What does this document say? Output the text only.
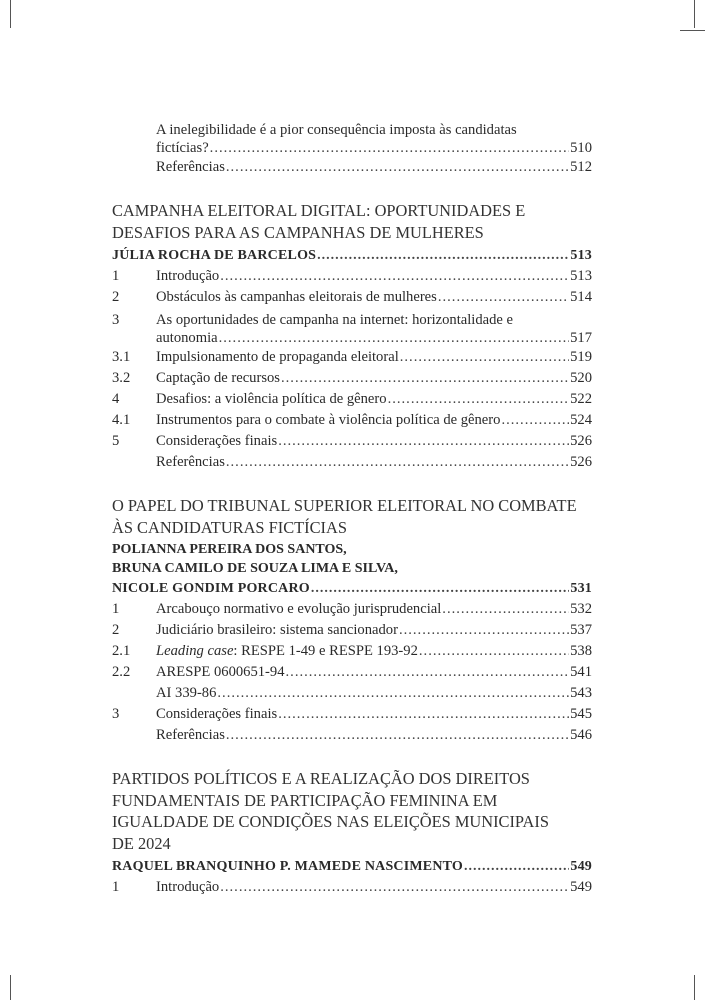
A inelegibilidade é a pior consequência imposta às candidatas
fictícias? .....	510
Referências .....	512
CAMPANHA ELEITORAL DIGITAL: OPORTUNIDADES E
DESAFIOS PARA AS CAMPANHAS DE MULHERES
JÚLIA ROCHA DE BARCELOS .....	513
1	Introdução .....	513
2	Obstáculos às campanhas eleitorais de mulheres .....	514
3	As oportunidades de campanha na internet: horizontalidade e
autonomia .....	517
3.1	Impulsionamento de propaganda eleitoral .....	519
3.2	Captação de recursos .....	520
4	Desafios: a violência política de gênero .....	522
4.1	Instrumentos para o combate à violência política de gênero .....	524
5	Considerações finais .....	526
Referências .....	526
O PAPEL DO TRIBUNAL SUPERIOR ELEITORAL NO COMBATE
ÀS CANDIDATURAS FICTÍCIAS
POLIANNA PEREIRA DOS SANTOS,
BRUNA CAMILO DE SOUZA LIMA E SILVA,
NICOLE GONDIM PORCARO .....	531
1	Arcabouço normativo e evolução jurisprudencial .....	532
2	Judiciário brasileiro: sistema sancionador .....	537
2.1	Leading case: RESPE 1-49 e RESPE 193-92 .....	538
2.2	ARESPE 0600651-94 .....	541
AI 339-86 .....	543
3	Considerações finais .....	545
Referências .....	546
PARTIDOS POLÍTICOS E A REALIZAÇÃO DOS DIREITOS
FUNDAMENTAIS DE PARTICIPAÇÃO FEMININA EM
IGUALDADE DE CONDIÇÕES NAS ELEIÇÕES MUNICIPAIS
DE 2024
RAQUEL BRANQUINHO P. MAMEDE NASCIMENTO .....	549
1	Introdução .....	549
